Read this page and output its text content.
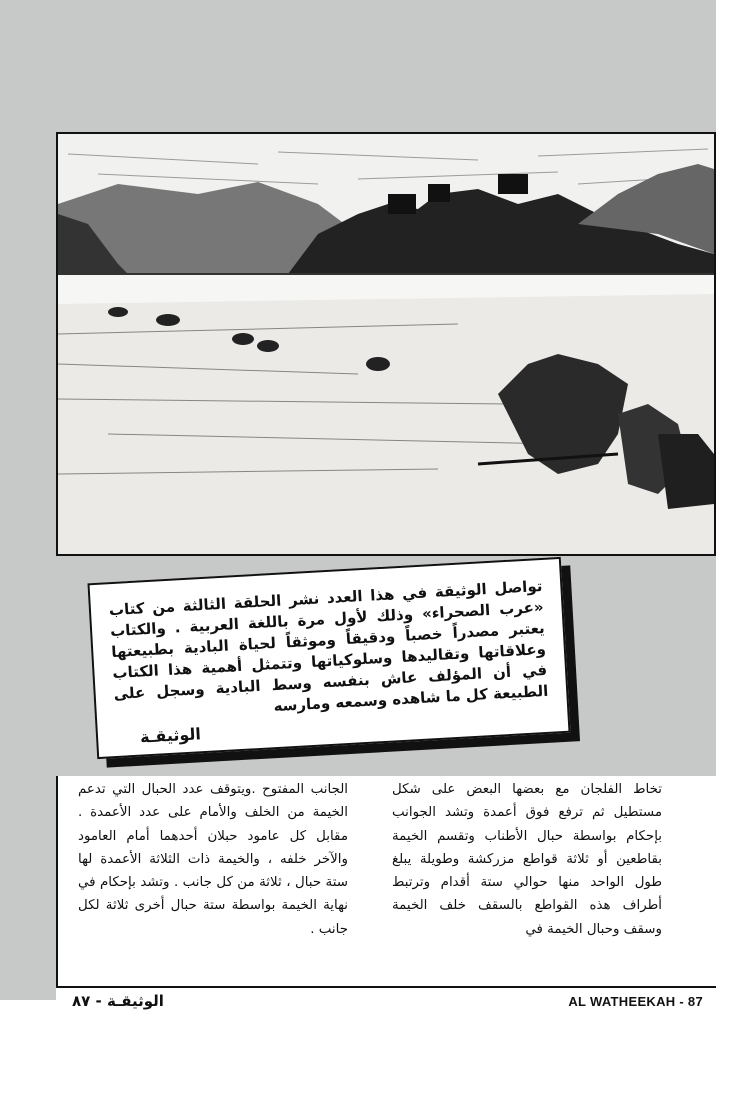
تواصل الوثيقة في هذا العدد نشر الحلقة الثالثة من كتاب «عرب الصحراء» وذلك لأول مرة باللغة العربية . والكتاب يعتبر مصدراً خصباً ودقيقاً وموثقاً لحياة البادية بطبيعتها وعلاقاتها وتقاليدها وسلوكياتها وتتمثل أهمية هذا الكتاب في أن المؤلف عاش بنفسه وسط البادية وسجل على الطبيعة كل ما شاهده وسمعه ومارسه
الوثيقـة
تخاط الفلجان مع بعضها البعض على شكل مستطيل ثم ترفع فوق أعمدة وتشد الجوانب بإحكام بواسطة حبال الأطناب وتقسم الخيمة بقاطعين أو ثلاثة قواطع مزركشة وطويلة يبلغ طول الواحد منها حوالي ستة أقدام وترتبط أطراف هذه القواطع بالسقف خلف الخيمة وسقف وحبال الخيمة في
الجانب المفتوح .ويتوقف عدد الحبال التي تدعم الخيمة من الخلف والأمام على عدد الأعمدة . مقابل كل عامود حبلان أحدهما أمام العامود والآخر خلفه ، والخيمة ذات الثلاثة الأعمدة لها ستة حبال ، ثلاثة من كل جانب . وتشد بإحكام في نهاية الخيمة بواسطة ستة حبال أخرى ثلاثة لكل جانب .
الوثيقـة - ٨٧	AL WATHEEKAH - 87
